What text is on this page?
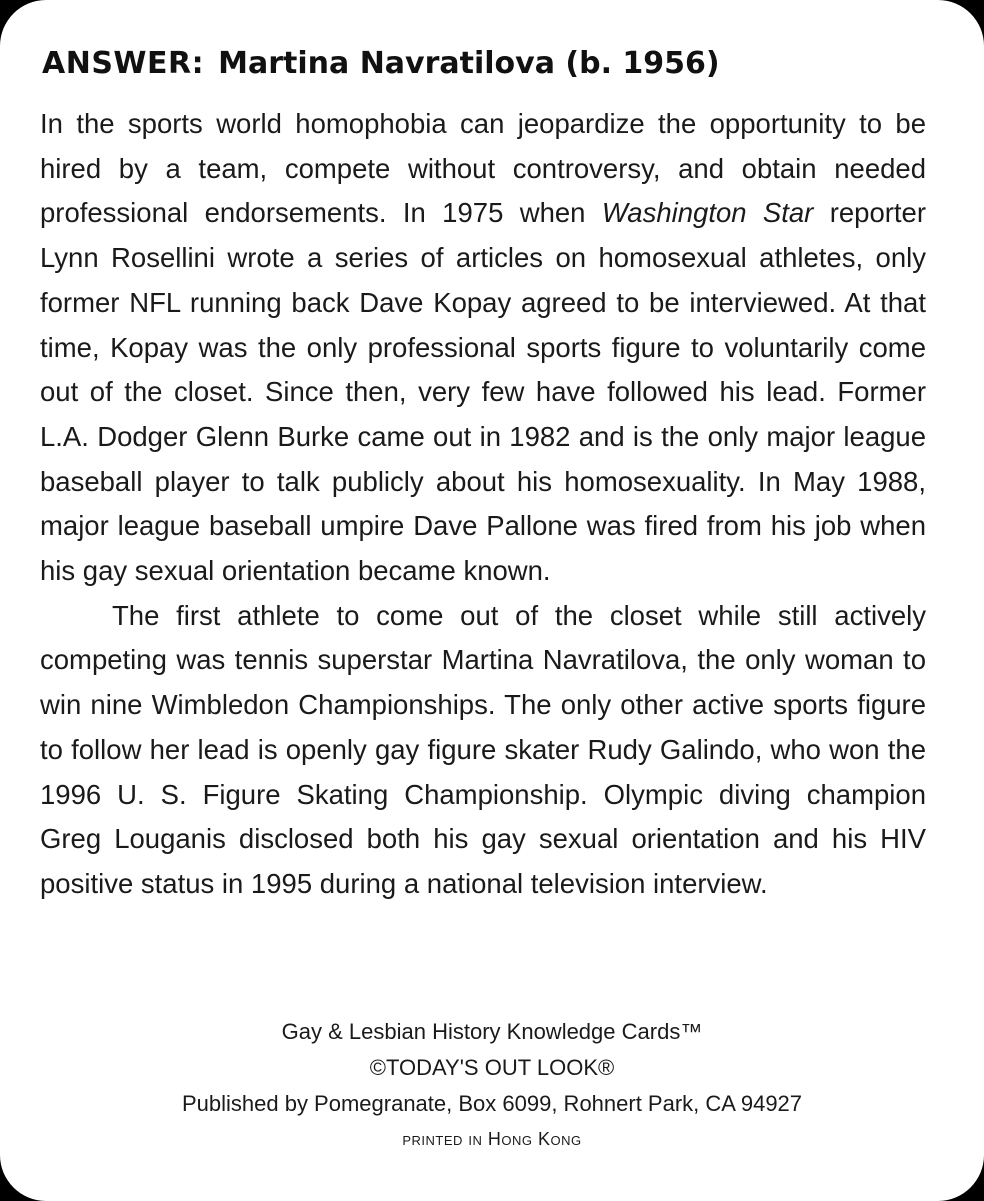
ANSWER: Martina Navratilova (b. 1956)

In the sports world homophobia can jeopardize the opportunity to be hired by a team, compete without controversy, and obtain needed professional endorsements. In 1975 when Washington Star reporter Lynn Rosellini wrote a series of articles on homosexual athletes, only former NFL running back Dave Kopay agreed to be interviewed. At that time, Kopay was the only professional sports figure to voluntarily come out of the closet. Since then, very few have followed his lead. Former L.A. Dodger Glenn Burke came out in 1982 and is the only major league baseball player to talk publicly about his homosexuality. In May 1988, major league baseball umpire Dave Pallone was fired from his job when his gay sexual orientation became known.

The first athlete to come out of the closet while still actively competing was tennis superstar Martina Navratilova, the only woman to win nine Wimbledon Championships. The only other active sports figure to follow her lead is openly gay figure skater Rudy Galindo, who won the 1996 U. S. Figure Skating Championship. Olympic diving champion Greg Louganis disclosed both his gay sexual orientation and his HIV positive status in 1995 during a national television interview.

Gay & Lesbian History Knowledge Cards™
©TODAY'S OUT LOOK®
Published by Pomegranate, Box 6099, Rohnert Park, CA 94927
printed in Hong Kong
